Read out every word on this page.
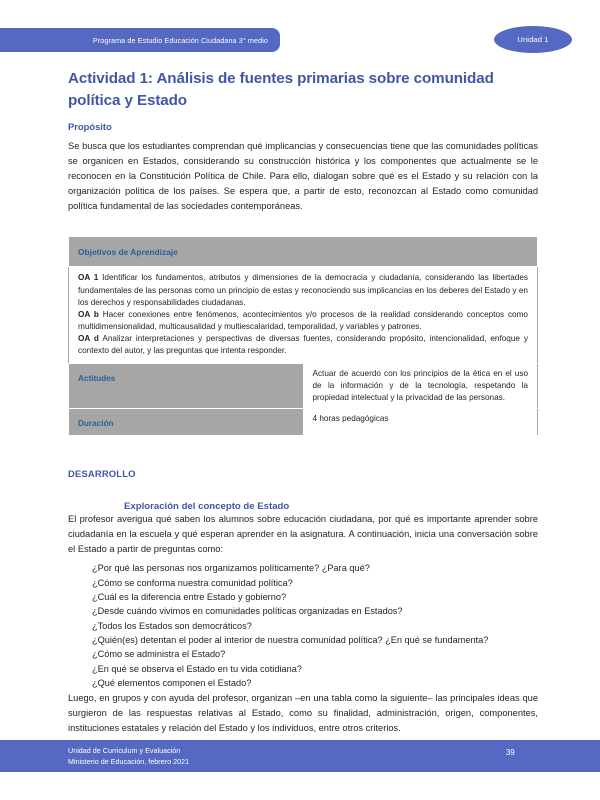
Programa de Estudio Educación Ciudadana 3° medio	Unidad 1
Actividad 1: Análisis de fuentes primarias sobre comunidad política y Estado
Propósito

Se busca que los estudiantes comprendan qué implicancias y consecuencias tiene que las comunidades políticas se organicen en Estados, considerando su construcción histórica y los componentes que actualmente se le reconocen en la Constitución Política de Chile. Para ello, dialogan sobre qué es el Estado y su relación con la organización política de los países. Se espera que, a partir de esto, reconozcan al Estado como comunidad política fundamental de las sociedades contemporáneas.

Objetivos de Aprendizaje	

OA 1 Identificar los fundamentos, atributos y dimensiones de la democracia y ciudadanía, considerando las libertades fundamentales de las personas como un principio de estas y reconociendo sus implicancias en los deberes del Estado y en los derechos y responsabilidades ciudadanas.

OA b Hacer conexiones entre fenómenos, acontecimientos y/o procesos de la realidad considerando conceptos como multidimensionalidad, multicausalidad y multiescalaridad, temporalidad, y variables y patrones.

OA d Analizar interpretaciones y perspectivas de diversas fuentes, considerando propósito, intencionalidad, enfoque y contexto del autor, y las preguntas que intenta responder.	

Actitudes	Actuar de acuerdo con los principios de la ética en el uso de la información y de la tecnología, respetando la propiedad intelectual y la privacidad de las personas.

Duración	4 horas pedagógicas

DESARROLLO
Exploración del concepto de Estado

El profesor averigua qué saben los alumnos sobre educación ciudadana, por qué es importante aprender sobre ciudadanía en la escuela y qué esperan aprender en la asignatura. A continuación, inicia una conversación sobre el Estado a partir de preguntas como:

¿Por qué las personas nos organizamos políticamente? ¿Para qué?
¿Cómo se conforma nuestra comunidad política?
¿Cuál es la diferencia entre Estado y gobierno?
¿Desde cuándo vivimos en comunidades políticas organizadas en Estados?
¿Todos los Estados son democráticos?
¿Quién(es) detentan el poder al interior de nuestra comunidad política? ¿En qué se fundamenta?
¿Cómo se administra el Estado?
¿En qué se observa el Estado en tu vida cotidiana?
¿Qué elementos componen el Estado?

Luego, en grupos y con ayuda del profesor, organizan –en una tabla como la siguiente– las principales ideas que surgieron de las respuestas relativas al Estado, como su finalidad, administración, origen, componentes, instituciones estatales y relación del Estado y los individuos, entre otros criterios.

Unidad de Curriculum y Evaluación
Ministerio de Educación, febrero 2021
39
